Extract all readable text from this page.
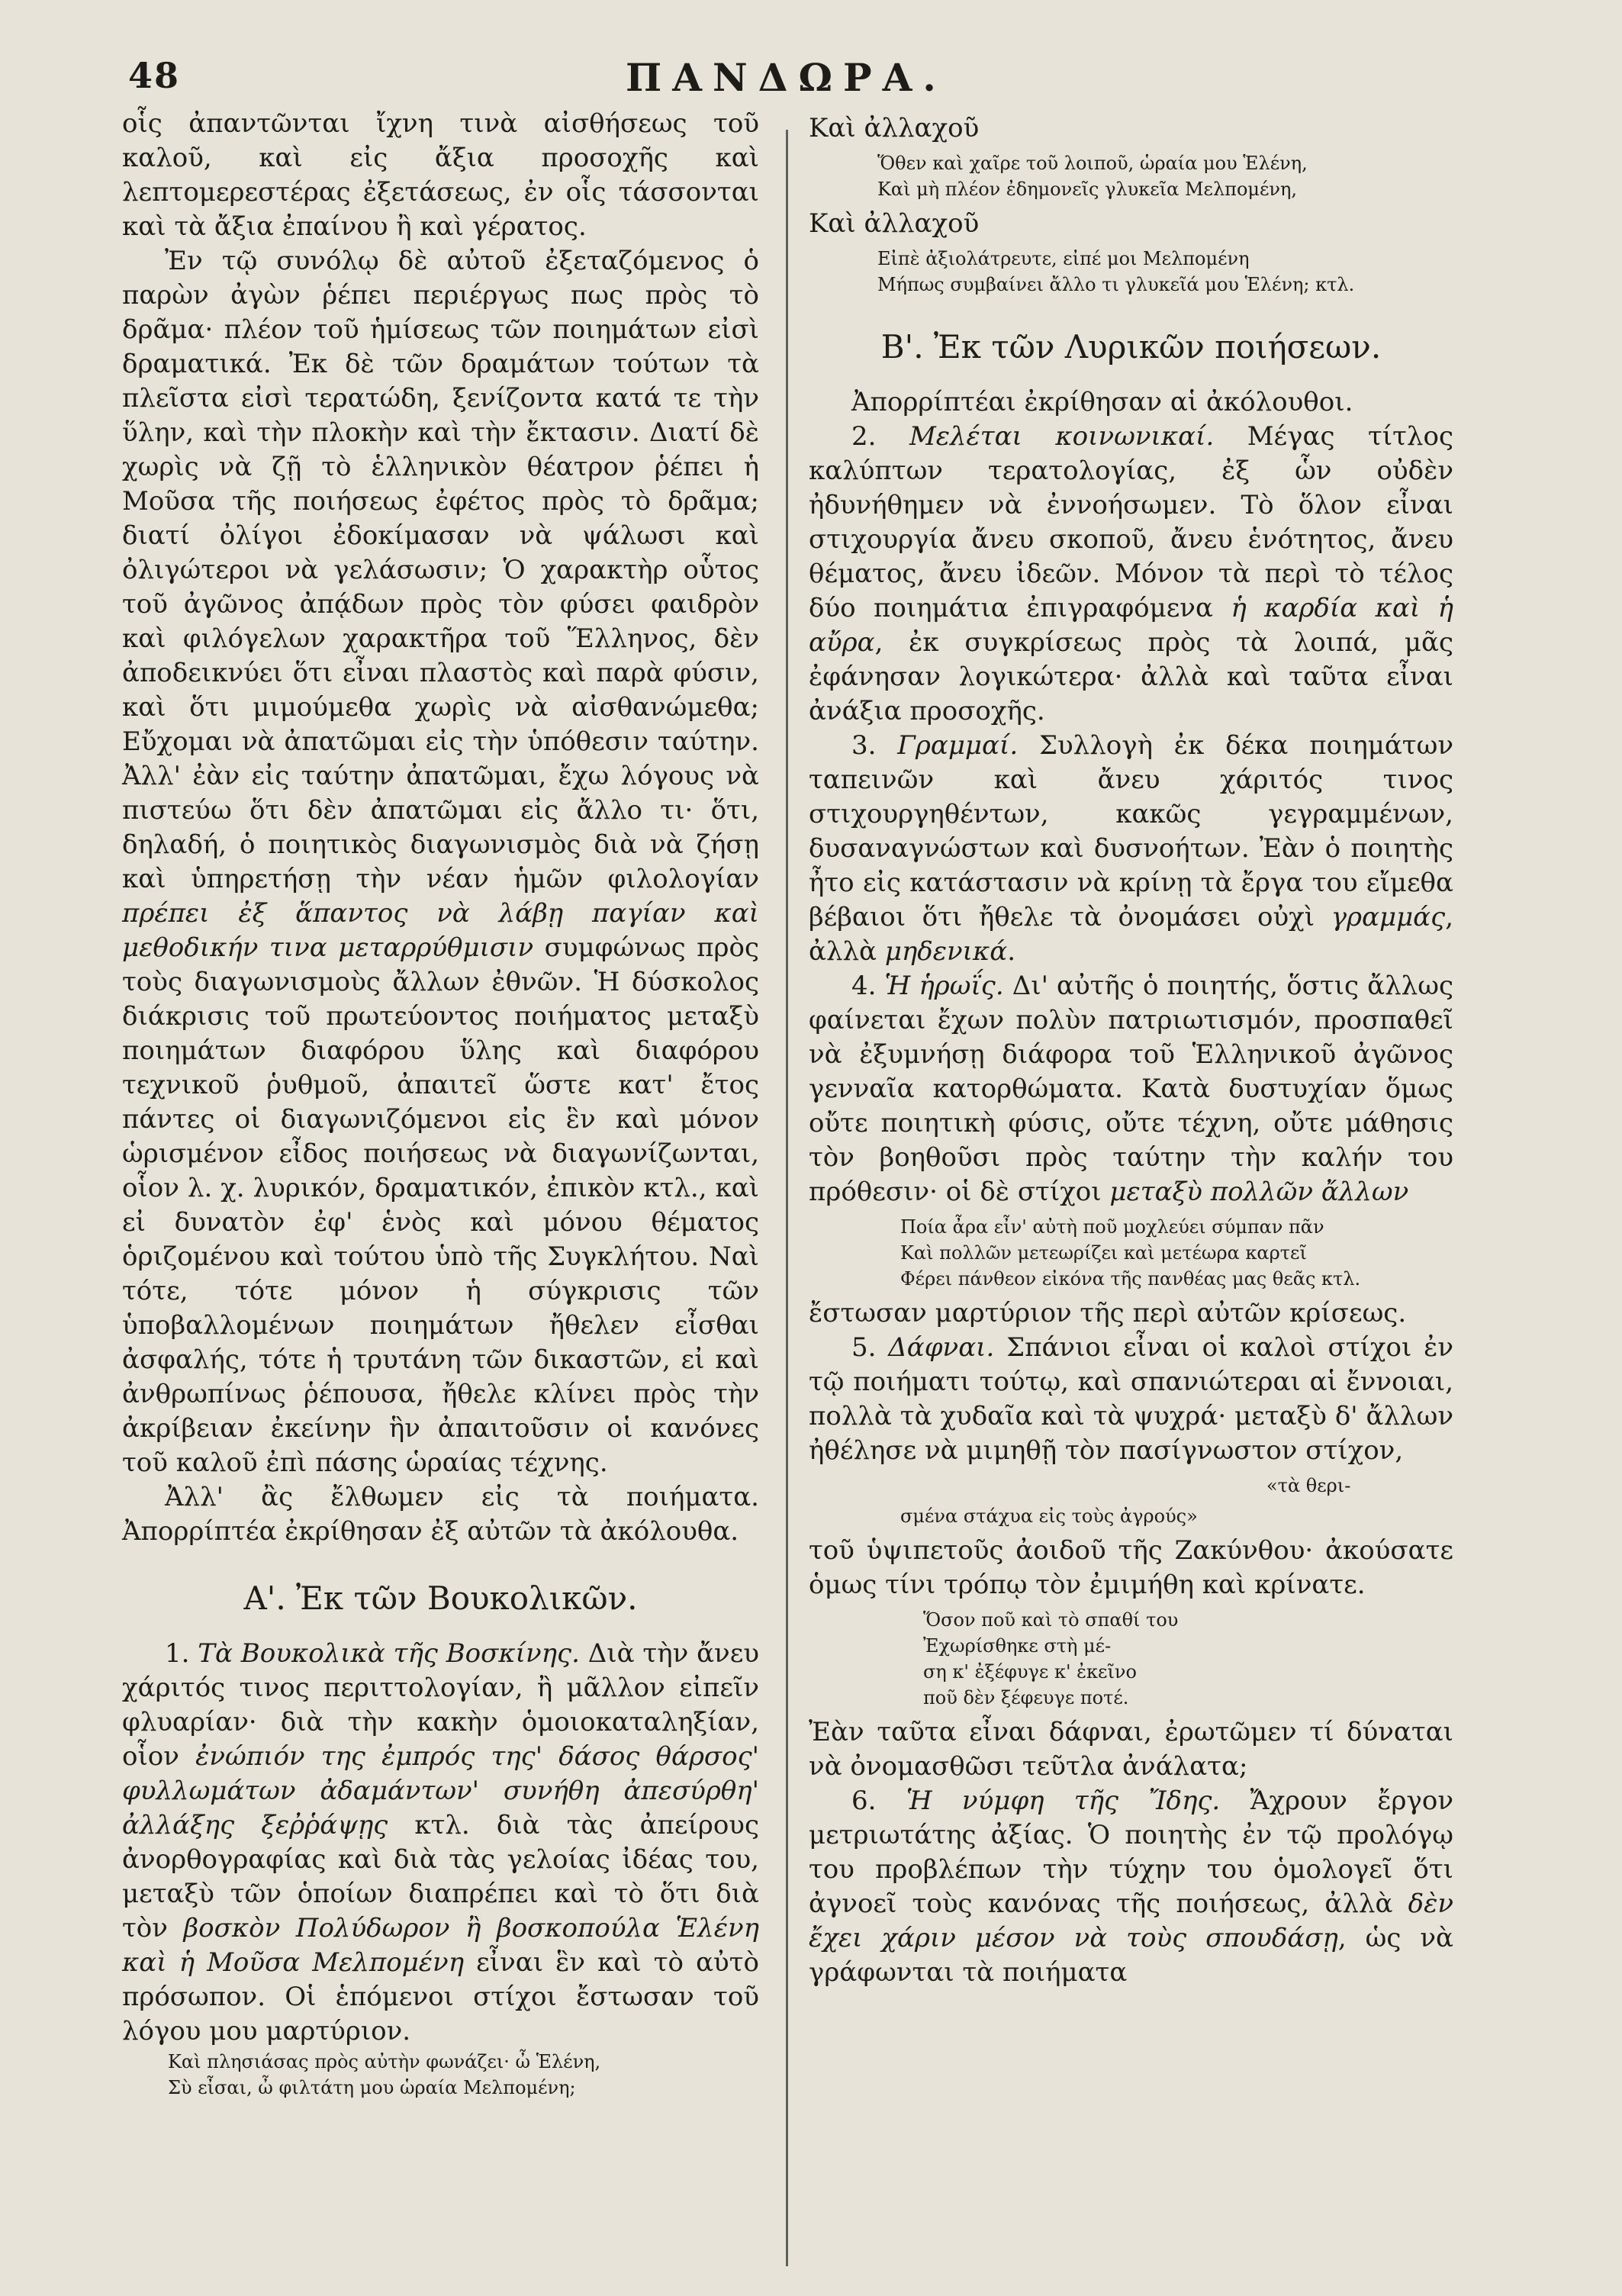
48	ΠΑΝΔΩΡΑ.

οἷς ἀπαντῶνται ἴχνη τινὰ αἰσθήσεως τοῦ καλοῦ, καὶ εἰς ἄξια προσοχῆς καὶ λεπτομερεστέρας ἐξετάσεως, ἐν οἷς τάσσονται καὶ τὰ ἄξια ἐπαίνου ἢ καὶ γέρατος.

Ἐν τῷ συνόλῳ δὲ αὐτοῦ ἐξεταζόμενος ὁ παρὼν ἀγὼν ῥέπει περιέργως πως πρὸς τὸ δρᾶμα· πλέον τοῦ ἡμίσεως τῶν ποιημάτων εἰσὶ δραματικά. Ἐκ δὲ τῶν δραμάτων τούτων τὰ πλεῖστα εἰσὶ τερατώδη, ξενίζοντα κατά τε τὴν ὕλην, καὶ τὴν πλοκὴν καὶ τὴν ἔκτασιν. Διατί δὲ χωρὶς νὰ ζῇ τὸ ἑλληνικὸν θέατρον ῥέπει ἡ Μοῦσα τῆς ποιήσεως ἐφέτος πρὸς τὸ δρᾶμα; διατί ὀλίγοι ἐδοκίμασαν νὰ ψάλωσι καὶ ὀλιγώτεροι νὰ γελάσωσιν; Ὁ χαρακτὴρ οὗτος τοῦ ἀγῶνος ἀπᾴδων πρὸς τὸν φύσει φαιδρὸν καὶ φιλόγελων χαρακτῆρα τοῦ Ἕλληνος, δὲν ἀποδεικνύει ὅτι εἶναι πλαστὸς καὶ παρὰ φύσιν, καὶ ὅτι μιμούμεθα χωρὶς νὰ αἰσθανώμεθα; Εὔχομαι νὰ ἀπατῶμαι εἰς τὴν ὑπόθεσιν ταύτην. Ἀλλ' ἐὰν εἰς ταύτην ἀπατῶμαι, ἔχω λόγους νὰ πιστεύω ὅτι δὲν ἀπατῶμαι εἰς ἄλλο τι· ὅτι, δηλαδή, ὁ ποιητικὸς διαγωνισμὸς διὰ νὰ ζήσῃ καὶ ὑπηρετήσῃ τὴν νέαν ἡμῶν φιλολογίαν πρέπει ἐξ ἅπαντος νὰ λάβῃ παγίαν καὶ μεθοδικήν τινα μεταρρύθμισιν συμφώνως πρὸς τοὺς διαγωνισμοὺς ἄλλων ἐθνῶν. Ἡ δύσκολος διάκρισις τοῦ πρωτεύοντος ποιήματος μεταξὺ ποιημάτων διαφόρου ὕλης καὶ διαφόρου τεχνικοῦ ῥυθμοῦ, ἀπαιτεῖ ὥστε κατ' ἔτος πάντες οἱ διαγωνιζόμενοι εἰς ἓν καὶ μόνον ὡρισμένον εἶδος ποιήσεως νὰ διαγωνίζωνται, οἷον λ. χ. λυρικόν, δραματικόν, ἐπικὸν κτλ., καὶ εἰ δυνατὸν ἐφ' ἑνὸς καὶ μόνου θέματος ὁριζομένου καὶ τούτου ὑπὸ τῆς Συγκλήτου. Ναὶ τότε, τότε μόνον ἡ σύγκρισις τῶν ὑποβαλλομένων ποιημάτων ἤθελεν εἶσθαι ἀσφαλής, τότε ἡ τρυτάνη τῶν δικαστῶν, εἰ καὶ ἀνθρωπίνως ῥέπουσα, ἤθελε κλίνει πρὸς τὴν ἀκρίβειαν ἐκείνην ἣν ἀπαιτοῦσιν οἱ κανόνες τοῦ καλοῦ ἐπὶ πάσης ὡραίας τέχνης.

Ἀλλ' ἂς ἔλθωμεν εἰς τὰ ποιήματα. Ἀπορρίπτέα ἐκρίθησαν ἐξ αὐτῶν τὰ ἀκόλουθα.

Α'. Ἐκ τῶν Βουκολικῶν.

1. Τὰ Βουκολικὰ τῆς Βοσκίνης. Διὰ τὴν ἄνευ χάριτός τινος περιττολογίαν, ἢ μᾶλλον εἰπεῖν φλυαρίαν· διὰ τὴν κακὴν ὁμοιοκαταληξίαν, οἷον ἐνώπιόν της ἐμπρός της' δάσος θάρσος' φυλλωμάτων ἀδαμάντων' συνήθη ἀπεσύρθη' ἀλλάξης ξεῤῥάψῃς κτλ. διὰ τὰς ἀπείρους ἀνορθογραφίας καὶ διὰ τὰς γελοίας ἰδέας του, μεταξὺ τῶν ὁποίων διαπρέπει καὶ τὸ ὅτι διὰ τὸν βοσκὸν Πολύδωρον ἢ βοσκοπούλα Ἑλένη καὶ ἡ Μοῦσα Μελπομένη εἶναι ἓν καὶ τὸ αὐτὸ πρόσωπον. Οἱ ἑπόμενοι στίχοι ἔστωσαν τοῦ λόγου μου μαρτύριον.

Καὶ πλησιάσας πρὸς αὐτὴν φωνάζει· ὦ Ἑλένη,
Σὺ εἶσαι, ὦ φιλτάτη μου ὡραία Μελπομένη;

Καὶ ἀλλαχοῦ

Ὅθεν καὶ χαῖρε τοῦ λοιποῦ, ὡραία μου Ἑλένη,
Καὶ μὴ πλέον ἐδημονεῖς γλυκεῖα Μελπομένη,

Καὶ ἀλλαχοῦ

Εἰπὲ ἀξιολάτρευτε, εἰπέ μοι Μελπομένη
Μήπως συμβαίνει ἄλλο τι γλυκεῖά μου Ἑλένη; κτλ.
Β'. Ἐκ τῶν Λυρικῶν ποιήσεων.

Ἀπορρίπτέαι ἐκρίθησαν αἱ ἀκόλουθοι.

2. Μελέται κοινωνικαί. Μέγας τίτλος καλύπτων τερατολογίας, ἐξ ὧν οὐδὲν ἠδυνήθημεν νὰ ἐννοήσωμεν. Τὸ ὅλον εἶναι στιχουργία ἄνευ σκοποῦ, ἄνευ ἑνότητος, ἄνευ θέματος, ἄνευ ἰδεῶν. Μόνον τὰ περὶ τὸ τέλος δύο ποιημάτια ἐπιγραφόμενα ἡ καρδία καὶ ἡ αὔρα, ἐκ συγκρίσεως πρὸς τὰ λοιπά, μᾶς ἐφάνησαν λογικώτερα· ἀλλὰ καὶ ταῦτα εἶναι ἀνάξια προσοχῆς.

3. Γραμμαί. Συλλογὴ ἐκ δέκα ποιημάτων ταπεινῶν καὶ ἄνευ χάριτός τινος στιχουργηθέντων, κακῶς γεγραμμένων, δυσαναγνώστων καὶ δυσνοήτων. Ἐὰν ὁ ποιητὴς ἦτο εἰς κατάστασιν νὰ κρίνῃ τὰ ἔργα του εἴμεθα βέβαιοι ὅτι ἤθελε τὰ ὀνομάσει οὐχὶ γραμμάς, ἀλλὰ μηδενικά.

4. Ἡ ἡρωΐς. Δι' αὐτῆς ὁ ποιητής, ὅστις ἄλλως φαίνεται ἔχων πολὺν πατριωτισμόν, προσπαθεῖ νὰ ἐξυμνήσῃ διάφορα τοῦ Ἑλληνικοῦ ἀγῶνος γενναῖα κατορθώματα. Κατὰ δυστυχίαν ὅμως οὔτε ποιητικὴ φύσις, οὔτε τέχνη, οὔτε μάθησις τὸν βοηθοῦσι πρὸς ταύτην τὴν καλήν του πρόθεσιν· οἱ δὲ στίχοι μεταξὺ πολλῶν ἄλλων

Ποία ἆρα εἶν' αὐτὴ ποῦ μοχλεύει σύμπαν πᾶν
Καὶ πολλῶν μετεωρίζει καὶ μετέωρα καρτεῖ
Φέρει πάνθεον εἰκόνα τῆς πανθέας μας θεᾶς κτλ.

ἔστωσαν μαρτύριον τῆς περὶ αὐτῶν κρίσεως.

5. Δάφναι. Σπάνιοι εἶναι οἱ καλοὶ στίχοι ἐν τῷ ποιήματι τούτῳ, καὶ σπανιώτεραι αἱ ἔννοιαι, πολλὰ τὰ χυδαῖα καὶ τὰ ψυχρά· μεταξὺ δ' ἄλλων ἠθέλησε νὰ μιμηθῇ τὸν πασίγνωστον στίχον,

«τὰ θερι-
σμένα στάχυα εἰς τοὺς ἀγρούς»

τοῦ ὑψιπετοῦς ἀοιδοῦ τῆς Ζακύνθου· ἀκούσατε ὁμως τίνι τρόπῳ τὸν ἐμιμήθη καὶ κρίνατε.

Ὅσον ποῦ καὶ τὸ σπαθί του
Ἐχωρίσθηκε στὴ μέ-
ση κ' ἐξέφυγε κ' ἐκεῖνο
ποῦ δὲν ξέφευγε ποτέ.

Ἐὰν ταῦτα εἶναι δάφναι, ἐρωτῶμεν τί δύναται νὰ ὀνομασθῶσι τεῦτλα ἀνάλατα;

6. Ἡ νύμφη τῆς Ἴδης. Ἄχρουν ἔργον μετριωτάτης ἀξίας. Ὁ ποιητὴς ἐν τῷ προλόγῳ του προβλέπων τὴν τύχην του ὁμολογεῖ ὅτι ἀγνοεῖ τοὺς κανόνας τῆς ποιήσεως, ἀλλὰ δὲν ἔχει χάριν μέσον νὰ τοὺς σπουδάσῃ, ὡς νὰ γράφωνται τὰ ποιήματα
